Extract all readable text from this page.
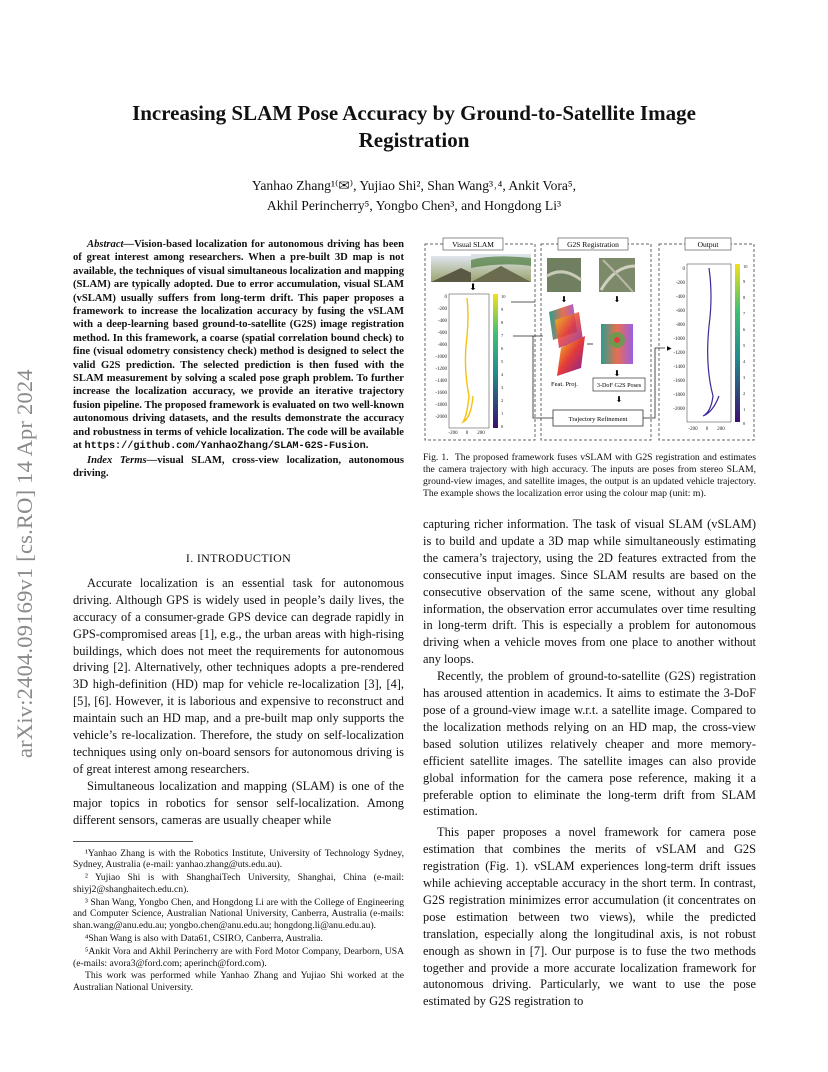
arXiv:2404.09169v1 [cs.RO] 14 Apr 2024
Increasing SLAM Pose Accuracy by Ground-to-Satellite Image Registration
Yanhao Zhang¹⁽✉⁾, Yujiao Shi², Shan Wang³˒⁴, Ankit Vora⁵,
Akhil Perincherry⁵, Yongbo Chen³, and Hongdong Li³

Abstract—Vision-based localization for autonomous driving has been of great interest among researchers. When a pre-built 3D map is not available, the techniques of visual simultaneous localization and mapping (SLAM) are typically adopted. Due to error accumulation, visual SLAM (vSLAM) usually suffers from long-term drift. This paper proposes a framework to increase the localization accuracy by fusing the vSLAM with a deep-learning based ground-to-satellite (G2S) image registration method. In this framework, a coarse (spatial correlation bound check) to fine (visual odometry consistency check) method is designed to select the valid G2S prediction. The selected prediction is then fused with the SLAM measurement by solving a scaled pose graph problem. To further increase the localization accuracy, we provide an iterative trajectory fusion pipeline. The proposed framework is evaluated on two well-known autonomous driving datasets, and the results demonstrate the accuracy and robustness in terms of vehicle localization. The code will be available at https://github.com/YanhaoZhang/SLAM-G2S-Fusion.

Index Terms—visual SLAM, cross-view localization, autonomous driving.

I. INTRODUCTION

Accurate localization is an essential task for autonomous driving. Although GPS is widely used in people’s daily lives, the accuracy of a consumer-grade GPS device can degrade rapidly in GPS-compromised areas [1], e.g., the urban areas with high-rising buildings, which does not meet the requirements for autonomous driving [2]. Alternatively, other techniques adopts a pre-rendered 3D high-definition (HD) map for vehicle re-localization [3], [4], [5], [6]. However, it is laborious and expensive to reconstruct and maintain such an HD map, and a pre-built map only supports the vehicle’s re-localization. Therefore, the study on self-localization techniques using only on-board sensors for autonomous driving is of great interest among researchers.

Simultaneous localization and mapping (SLAM) is one of the major topics in robotics for sensor self-localization. Among different sensors, cameras are usually cheaper while

¹Yanhao Zhang is with the Robotics Institute, University of Technology Sydney, Sydney, Australia (e-mail: yanhao.zhang@uts.edu.au).

² Yujiao Shi is with ShanghaiTech University, Shanghai, China (e-mail: shiyj2@shanghaitech.edu.cn).

³ Shan Wang, Yongbo Chen, and Hongdong Li are with the College of Engineering and Computer Science, Australian National University, Canberra, Australia (e-mails: shan.wang@anu.edu.au; yongbo.chen@anu.edu.au; hongdong.li@anu.edu.au).

⁴Shan Wang is also with Data61, CSIRO, Canberra, Australia.

⁵Ankit Vora and Akhil Perincherry are with Ford Motor Company, Dearborn, USA (e-mails: avora3@ford.com; aperinch@ford.com).

This work was performed while Yanhao Zhang and Yujiao Shi worked at the Australian National University.

Visual SLAM	G2S Registration	Output
⬇
0
-200
-400
-600
-800
-1000
-1200
-1400
-1600
-1800
-2000
-200 0 200
10
9
8
7
6
5
4
3
2
1
0
⬇	⬇
⬇
Feat. Proj.	3-DoF G2S Poses
⬇
Trajectory Refinement
▶
0
-200
-400
-600
-800
-1000
-1200
-1400
-1600
-1800
-2000
-200 0 200
10
9
8
7
6
5
4
3
2
1
0

Fig. 1. The proposed framework fuses vSLAM with G2S registration and estimates the camera trajectory with high accuracy. The inputs are poses from stereo SLAM, ground-view images, and satellite images, the output is an updated vehicle trajectory. The example shows the localization error using the colour map (unit: m).

capturing richer information. The task of visual SLAM (vSLAM) is to build and update a 3D map while simultaneously estimating the camera’s trajectory, using the 2D features extracted from the consecutive input images. Since SLAM results are based on the consecutive observation of the same scene, without any global information, the observation error accumulates over time resulting in long-term drift. This is especially a problem for autonomous driving when a vehicle moves from one place to another without any loops.

Recently, the problem of ground-to-satellite (G2S) registration has aroused attention in academics. It aims to estimate the 3-DoF pose of a ground-view image w.r.t. a satellite image. Compared to the localization methods relying on an HD map, the cross-view based solution utilizes relatively cheaper and more memory-efficient satellite images. The satellite images can also provide global information for the camera pose reference, making it a preferable option to eliminate the long-term drift from SLAM estimation.

This paper proposes a novel framework for camera pose estimation that combines the merits of vSLAM and G2S registration (Fig. 1). vSLAM experiences long-term drift issues while achieving acceptable accuracy in the short term. In contrast, G2S registration minimizes error accumulation (it concentrates on pose estimation between two views), while the predicted translation, especially along the longitudinal axis, is not robust enough as shown in [7]. Our purpose is to fuse the two methods together and provide a more accurate localization framework for autonomous driving. Particularly, we want to use the pose estimated by G2S registration to
